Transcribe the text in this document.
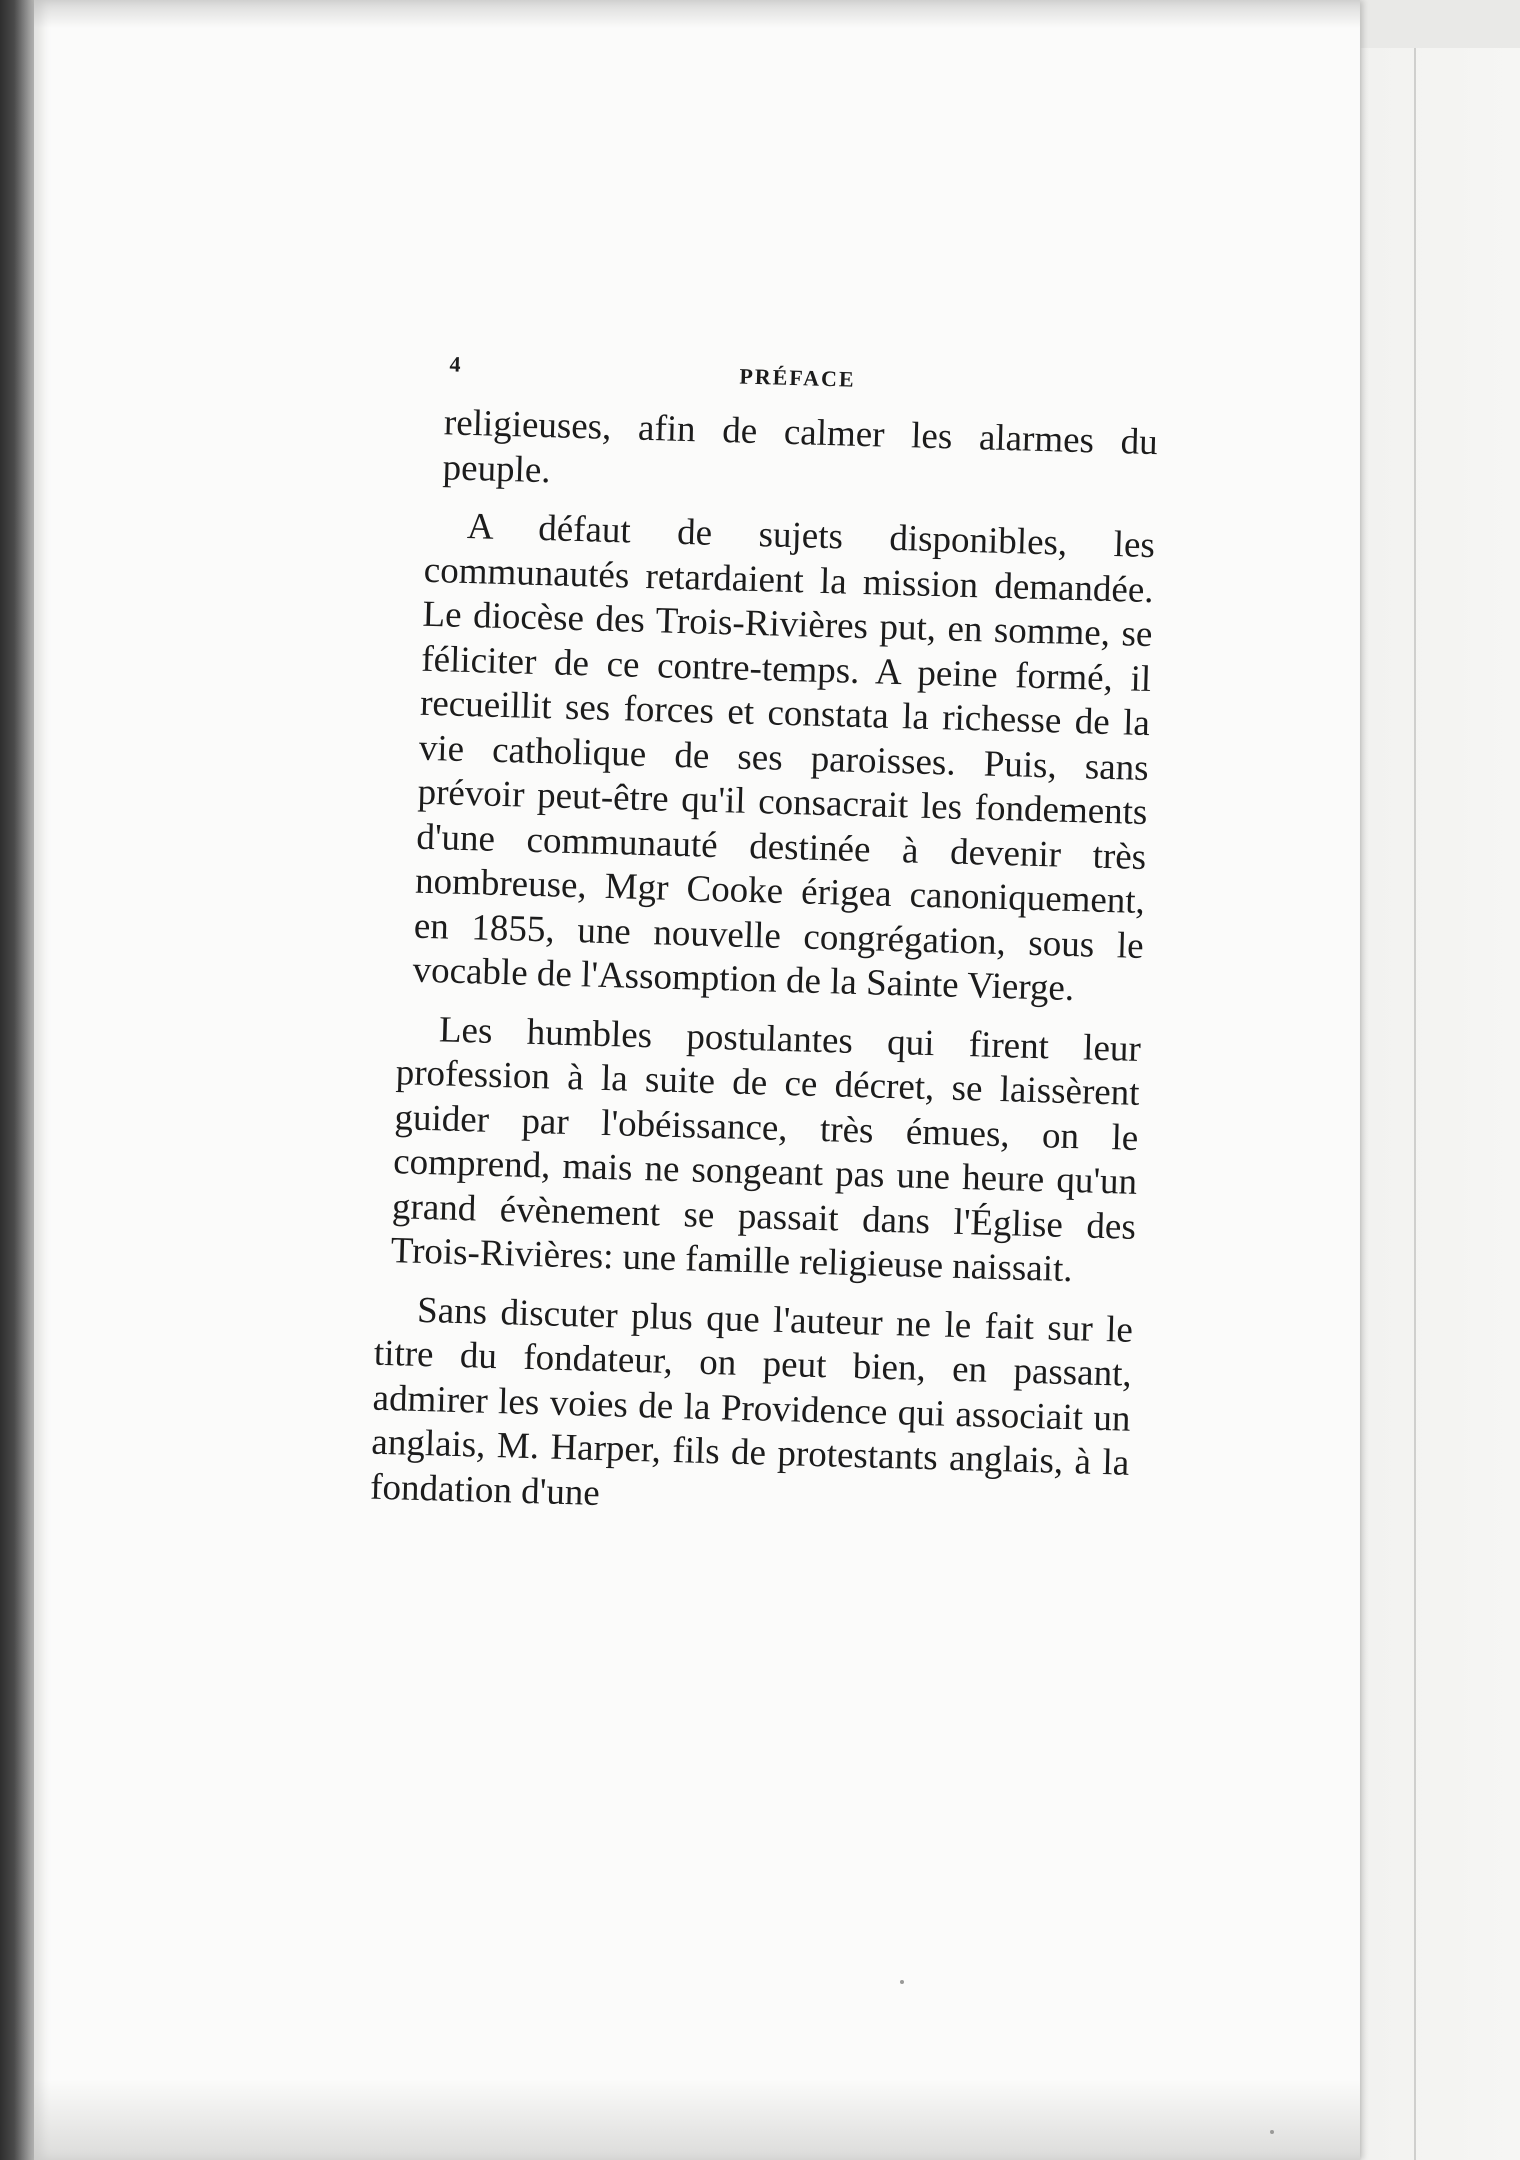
4	PRÉFACE

religieuses, afin de calmer les alarmes du peuple.

A défaut de sujets disponibles, les communautés retardaient la mission demandée. Le diocèse des Trois-Rivières put, en somme, se féliciter de ce contre-temps. A peine formé, il recueillit ses forces et constata la richesse de la vie catholique de ses paroisses. Puis, sans prévoir peut-être qu'il consacrait les fondements d'une communauté destinée à devenir très nombreuse, Mgr Cooke érigea canoniquement, en 1855, une nouvelle congrégation, sous le vocable de l'Assomption de la Sainte Vierge.

Les humbles postulantes qui firent leur profession à la suite de ce décret, se laissèrent guider par l'obéissance, très émues, on le comprend, mais ne songeant pas une heure qu'un grand évènement se passait dans l'Église des Trois-Rivières: une famille religieuse naissait.

Sans discuter plus que l'auteur ne le fait sur le titre du fondateur, on peut bien, en passant, admirer les voies de la Providence qui associait un anglais, M. Harper, fils de protestants anglais, à la fondation d'une
